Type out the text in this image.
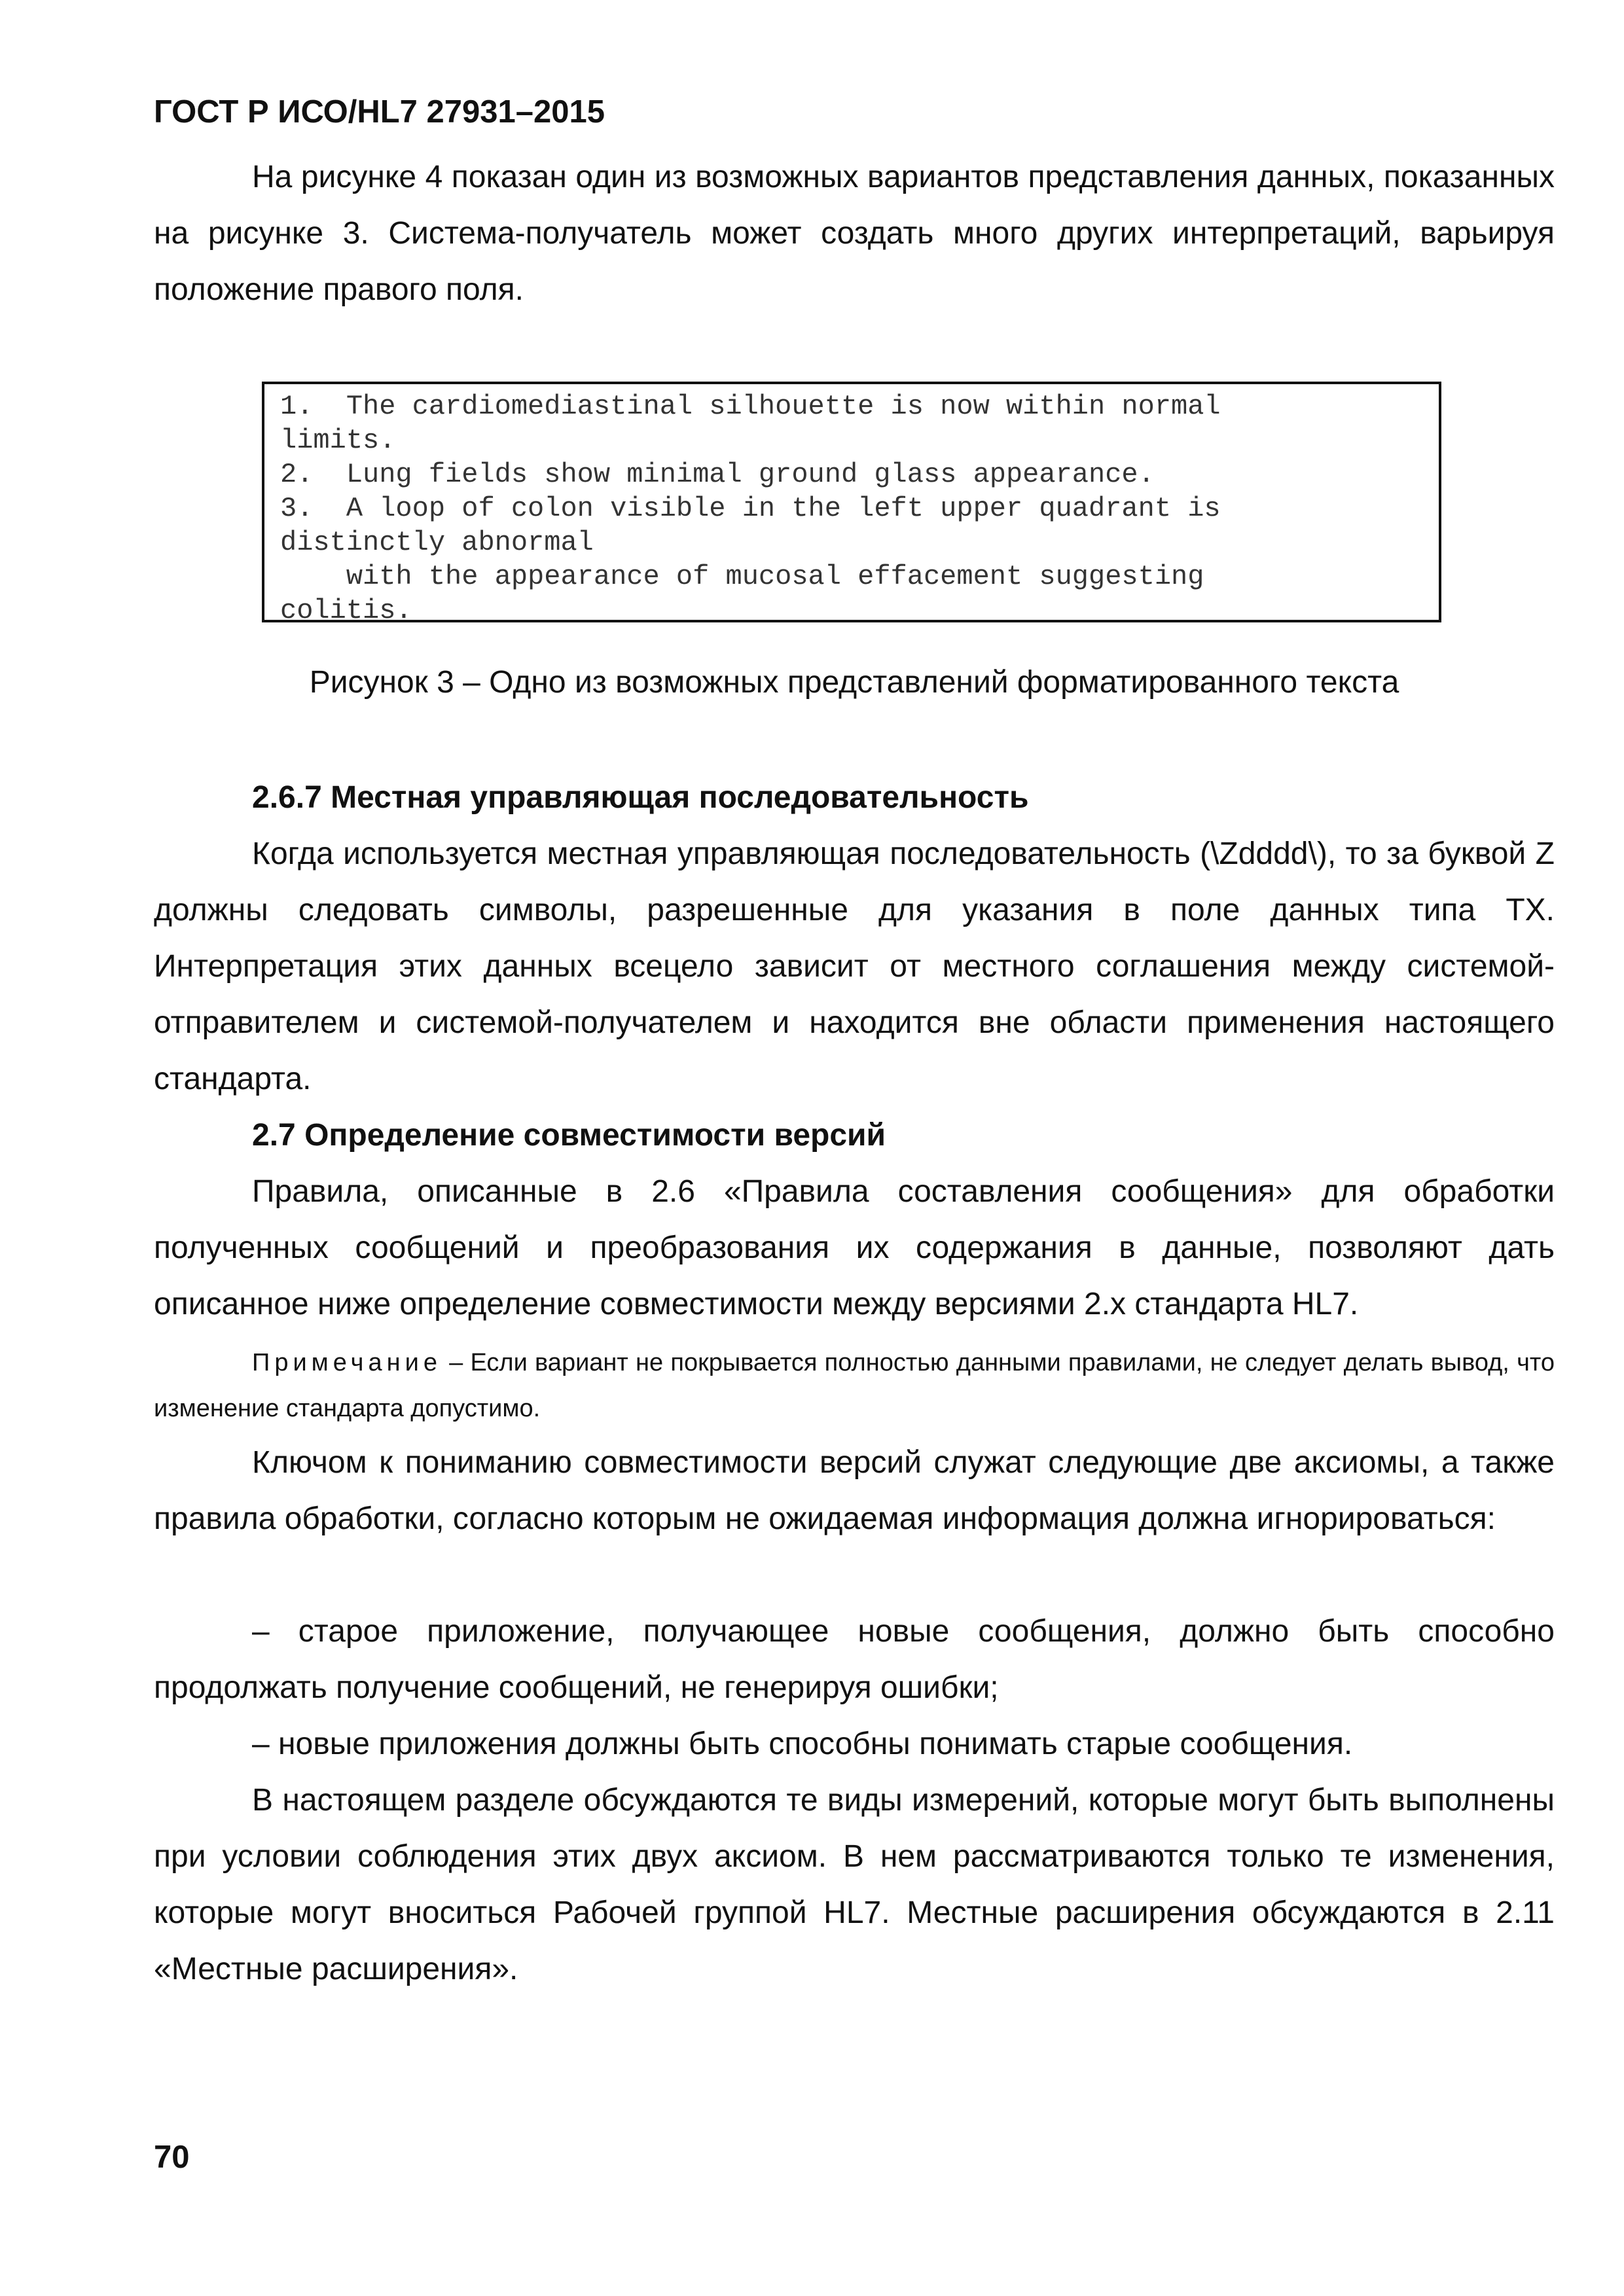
ГОСТ Р ИСО/HL7 27931–2015
На рисунке 4 показан один из возможных вариантов представления данных, показанных на рисунке 3. Система-получатель может создать много других интерпретаций, варьируя положение правого поля.
1.  The cardiomediastinal silhouette is now within normal
limits.
2.  Lung fields show minimal ground glass appearance.
3.  A loop of colon visible in the left upper quadrant is
distinctly abnormal
with the appearance of mucosal effacement suggesting
colitis.
Рисунок 3 – Одно из возможных представлений форматированного текста
2.6.7 Местная управляющая последовательность
Когда используется местная управляющая последовательность (\Zdddd\), то за буквой Z должны следовать символы, разрешенные для указания в поле данных типа TX. Интерпретация этих данных всецело зависит от местного соглашения между системой-отправителем и системой-получателем и находится вне области применения настоящего стандарта.
2.7 Определение совместимости версий
Правила, описанные в 2.6 «Правила составления сообщения» для обработки полученных сообщений и преобразования их содержания в данные, позволяют дать описанное ниже определение совместимости между версиями 2.x стандарта HL7.
Примечание – Если вариант не покрывается полностью данными правилами, не следует делать вывод, что изменение стандарта допустимо.
Ключом к пониманию совместимости версий служат следующие две аксиомы, а также правила обработки, согласно которым не ожидаемая информация должна игнорироваться:
– старое приложение, получающее новые сообщения, должно быть способно продолжать получение сообщений, не генерируя ошибки;
– новые приложения должны быть способны понимать старые сообщения.
В настоящем разделе обсуждаются те виды измерений, которые могут быть выполнены при условии соблюдения этих двух аксиом. В нем рассматриваются только те изменения, которые могут вноситься Рабочей группой HL7. Местные расширения обсуждаются в 2.11 «Местные расширения».
70
